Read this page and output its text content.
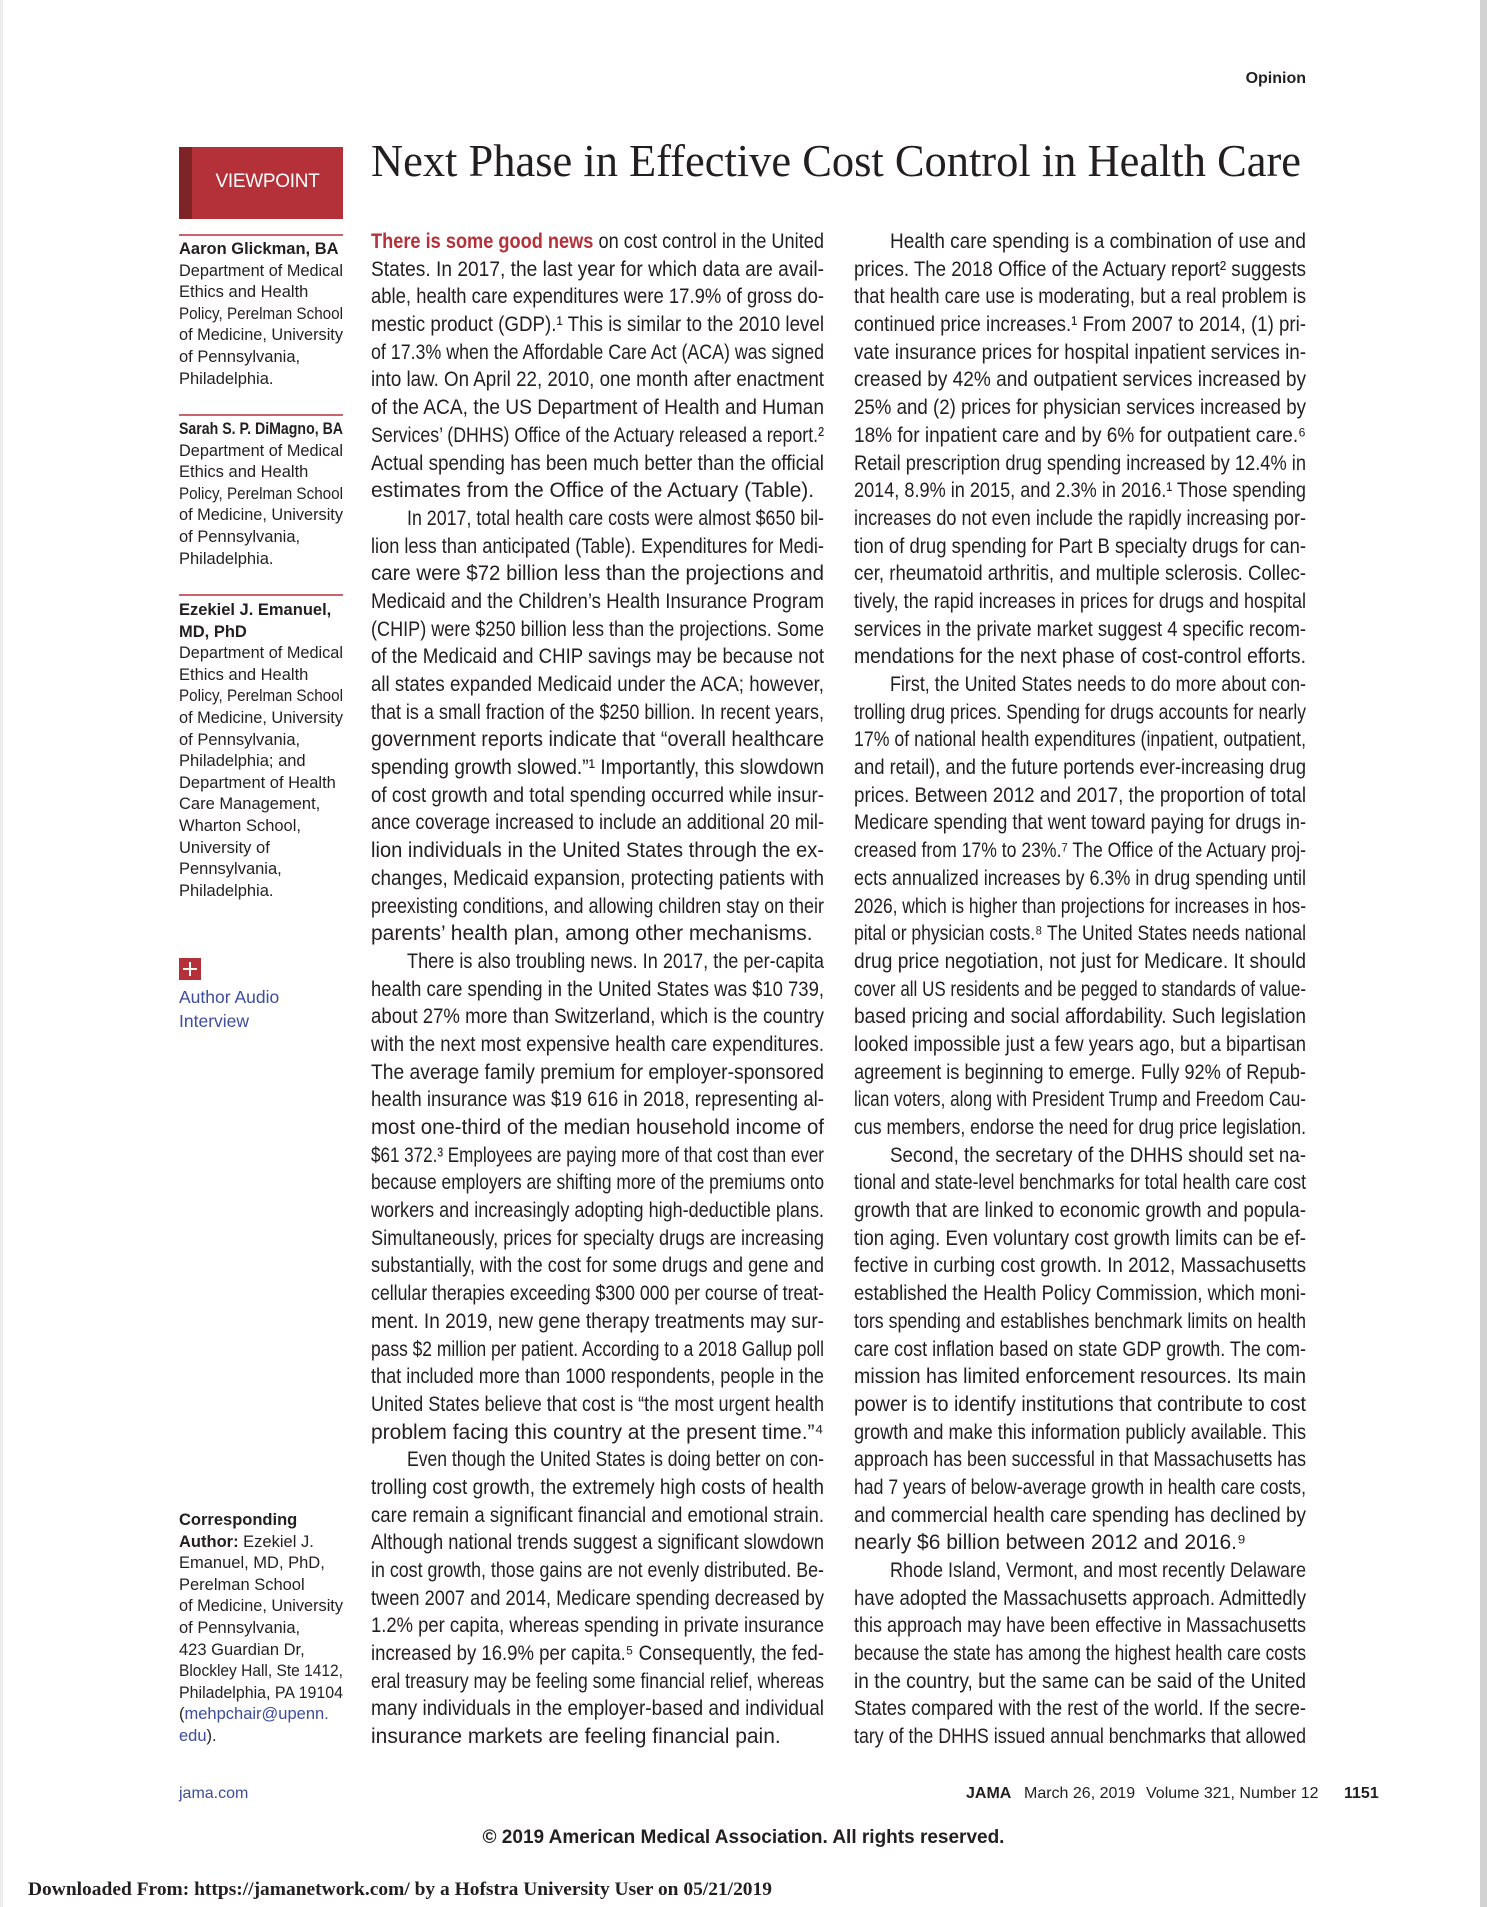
Opinion
VIEWPOINT	Next Phase in Effective Cost Control in Health Care
Aaron Glickman, BA
Department of Medical
Ethics and Health
Policy, Perelman School
of Medicine, University
of Pennsylvania,
Philadelphia.
Sarah S. P. DiMagno, BA
Department of Medical
Ethics and Health
Policy, Perelman School
of Medicine, University
of Pennsylvania,
Philadelphia.
Ezekiel J. Emanuel,
MD, PhD
Department of Medical
Ethics and Health
Policy, Perelman School
of Medicine, University
of Pennsylvania,
Philadelphia; and
Department of Health
Care Management,
Wharton School,
University of
Pennsylvania,
Philadelphia.
Author Audio
Interview
Corresponding
Author: Ezekiel J.
Emanuel, MD, PhD,
Perelman School
of Medicine, University
of Pennsylvania,
423 Guardian Dr,
Blockley Hall, Ste 1412,
Philadelphia, PA 19104
(mehpchair@upenn.
edu).
There is some good news on cost control in the United
States. In 2017, the last year for which data are avail-
able, health care expenditures were 17.9% of gross do-
mestic product (GDP).¹ This is similar to the 2010 level
of 17.3% when the Affordable Care Act (ACA) was signed
into law. On April 22, 2010, one month after enactment
of the ACA, the US Department of Health and Human
Services’ (DHHS) Office of the Actuary released a report.²
Actual spending has been much better than the official
estimates from the Office of the Actuary (Table).
In 2017, total health care costs were almost $650 bil-
lion less than anticipated (Table). Expenditures for Medi-
care were $72 billion less than the projections and
Medicaid and the Children’s Health Insurance Program
(CHIP) were $250 billion less than the projections. Some
of the Medicaid and CHIP savings may be because not
all states expanded Medicaid under the ACA; however,
that is a small fraction of the $250 billion. In recent years,
government reports indicate that “overall healthcare
spending growth slowed.”¹ Importantly, this slowdown
of cost growth and total spending occurred while insur-
ance coverage increased to include an additional 20 mil-
lion individuals in the United States through the ex-
changes, Medicaid expansion, protecting patients with
preexisting conditions, and allowing children stay on their
parents’ health plan, among other mechanisms.
There is also troubling news. In 2017, the per-capita
health care spending in the United States was $10 739,
about 27% more than Switzerland, which is the country
with the next most expensive health care expenditures.
The average family premium for employer-sponsored
health insurance was $19 616 in 2018, representing al-
most one-third of the median household income of
$61 372.³ Employees are paying more of that cost than ever
because employers are shifting more of the premiums onto
workers and increasingly adopting high-deductible plans.
Simultaneously, prices for specialty drugs are increasing
substantially, with the cost for some drugs and gene and
cellular therapies exceeding $300 000 per course of treat-
ment. In 2019, new gene therapy treatments may sur-
pass $2 million per patient. According to a 2018 Gallup poll
that included more than 1000 respondents, people in the
United States believe that cost is “the most urgent health
problem facing this country at the present time.”⁴
Even though the United States is doing better on con-
trolling cost growth, the extremely high costs of health
care remain a significant financial and emotional strain.
Although national trends suggest a significant slowdown
in cost growth, those gains are not evenly distributed. Be-
tween 2007 and 2014, Medicare spending decreased by
1.2% per capita, whereas spending in private insurance
increased by 16.9% per capita.⁵ Consequently, the fed-
eral treasury may be feeling some financial relief, whereas
many individuals in the employer-based and individual
insurance markets are feeling financial pain.
Health care spending is a combination of use and
prices. The 2018 Office of the Actuary report² suggests
that health care use is moderating, but a real problem is
continued price increases.¹ From 2007 to 2014, (1) pri-
vate insurance prices for hospital inpatient services in-
creased by 42% and outpatient services increased by
25% and (2) prices for physician services increased by
18% for inpatient care and by 6% for outpatient care.⁶
Retail prescription drug spending increased by 12.4% in
2014, 8.9% in 2015, and 2.3% in 2016.¹ Those spending
increases do not even include the rapidly increasing por-
tion of drug spending for Part B specialty drugs for can-
cer, rheumatoid arthritis, and multiple sclerosis. Collec-
tively, the rapid increases in prices for drugs and hospital
services in the private market suggest 4 specific recom-
mendations for the next phase of cost-control efforts.
First, the United States needs to do more about con-
trolling drug prices. Spending for drugs accounts for nearly
17% of national health expenditures (inpatient, outpatient,
and retail), and the future portends ever-increasing drug
prices. Between 2012 and 2017, the proportion of total
Medicare spending that went toward paying for drugs in-
creased from 17% to 23%.⁷ The Office of the Actuary proj-
ects annualized increases by 6.3% in drug spending until
2026, which is higher than projections for increases in hos-
pital or physician costs.⁸ The United States needs national
drug price negotiation, not just for Medicare. It should
cover all US residents and be pegged to standards of value-
based pricing and social affordability. Such legislation
looked impossible just a few years ago, but a bipartisan
agreement is beginning to emerge. Fully 92% of Repub-
lican voters, along with President Trump and Freedom Cau-
cus members, endorse the need for drug price legislation.
Second, the secretary of the DHHS should set na-
tional and state-level benchmarks for total health care cost
growth that are linked to economic growth and popula-
tion aging. Even voluntary cost growth limits can be ef-
fective in curbing cost growth. In 2012, Massachusetts
established the Health Policy Commission, which moni-
tors spending and establishes benchmark limits on health
care cost inflation based on state GDP growth. The com-
mission has limited enforcement resources. Its main
power is to identify institutions that contribute to cost
growth and make this information publicly available. This
approach has been successful in that Massachusetts has
had 7 years of below-average growth in health care costs,
and commercial health care spending has declined by
nearly $6 billion between 2012 and 2016.⁹
Rhode Island, Vermont, and most recently Delaware
have adopted the Massachusetts approach. Admittedly
this approach may have been effective in Massachusetts
because the state has among the highest health care costs
in the country, but the same can be said of the United
States compared with the rest of the world. If the secre-
tary of the DHHS issued annual benchmarks that allowed
jama.com	JAMA March 26, 2019 Volume 321, Number 12 1151
© 2019 American Medical Association. All rights reserved.
Downloaded From: https://jamanetwork.com/ by a Hofstra University User on 05/21/2019
